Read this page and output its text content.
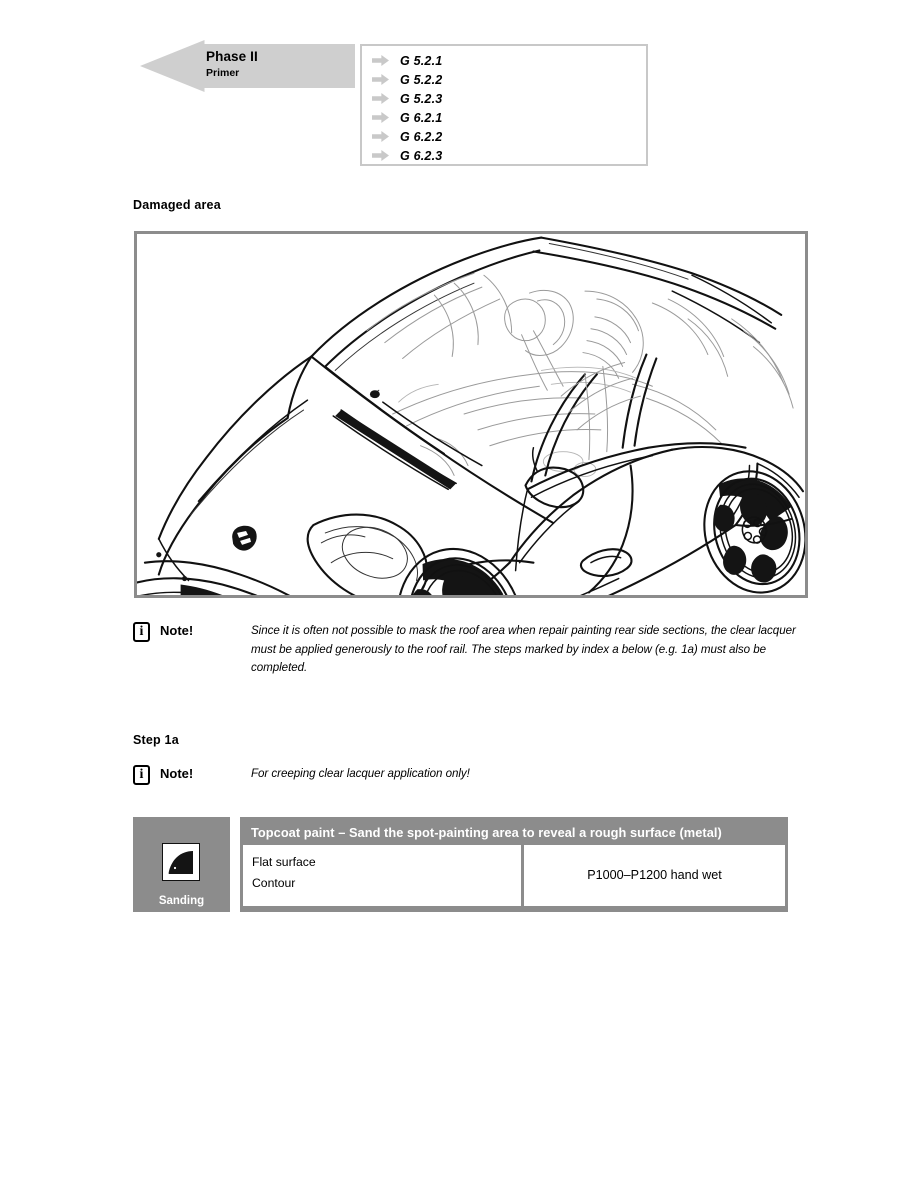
Phase II
Primer
G 5.2.1
G 5.2.2
G 5.2.3
G 6.2.1
G 6.2.2
G 6.2.3
Damaged area
i	Note!	Since it is often not possible to mask the roof area when repair painting rear side sections, the clear lacquer must be applied generously to the roof rail. The steps marked by index a below (e.g. 1a) must also be completed.
Step 1a
i	Note!	For creeping clear lacquer application only!
Sanding
Topcoat paint – Sand the spot-painting area to reveal a rough surface (metal)
Flat surface
Contour
P1000–P1200 hand wet
